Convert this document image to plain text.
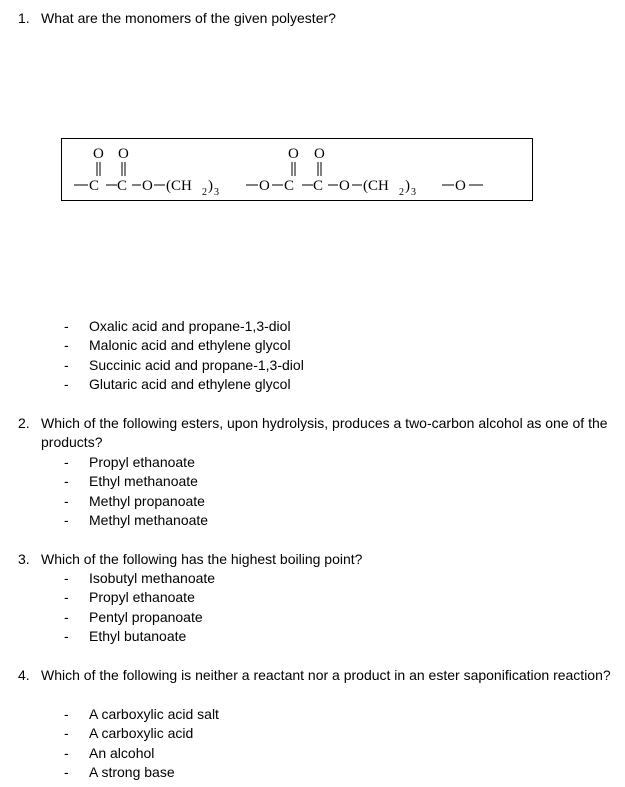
1. What are the monomers of the given polyester?
O O	O O
C C O (CH 2 ) 3	O C C O (CH 2 ) 3	O
- Oxalic acid and propane-1,3-diol
- Malonic acid and ethylene glycol
- Succinic acid and propane-1,3-diol
- Glutaric acid and ethylene glycol
2. Which of the following esters, upon hydrolysis, produces a two-carbon alcohol as one of the products?
- Propyl ethanoate
- Ethyl methanoate
- Methyl propanoate
- Methyl methanoate
3. Which of the following has the highest boiling point?
- Isobutyl methanoate
- Propyl ethanoate
- Pentyl propanoate
- Ethyl butanoate
4. Which of the following is neither a reactant nor a product in an ester saponification reaction?
- A carboxylic acid salt
- A carboxylic acid
- An alcohol
- A strong base
